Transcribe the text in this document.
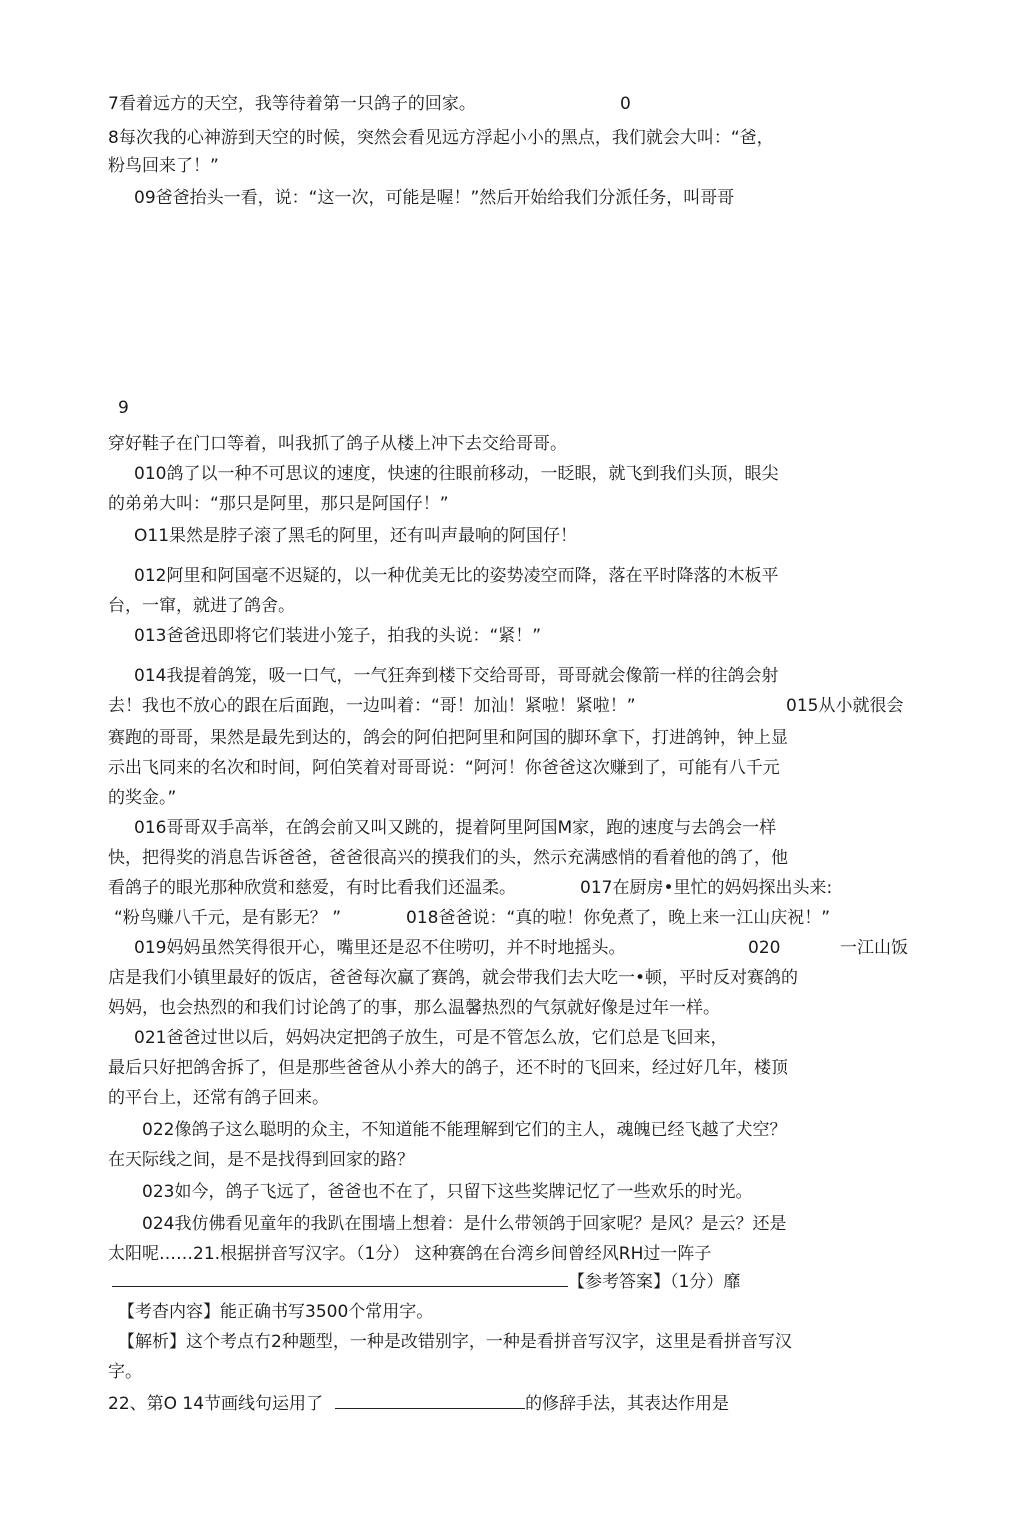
7看着远方的天空，我等待着第一只鸽子的回家。	0
8每次我的心神游到天空的时候，突然会看见远方浮起小小的黑点，我们就会大叫：“爸，
粉鸟回来了！”
09爸爸抬头一看，说：“这一次，可能是喔！”然后开始给我们分派任务，叫哥哥
9
穿好鞋子在门口等着，叫我抓了鸽子从楼上冲下去交给哥哥。
010鸽了以一种不可思议的速度，快速的往眼前移动，一眨眼，就飞到我们头顶，眼尖
的弟弟大叫：“那只是阿里，那只是阿国仔！”
O11果然是脖子滚了黑毛的阿里，还有叫声最响的阿国仔！
012阿里和阿国毫不迟疑的，以一种优美无比的姿势凌空而降，落在平时降落的木板平
台，一窜，就进了鸽舍。
013爸爸迅即将它们装进小笼子，拍我的头说：“紧！”
014我提着鸽笼，吸一口气，一气狂奔到楼下交给哥哥，哥哥就会像箭一样的往鸽会射
去！我也不放心的跟在后面跑，一边叫着：“哥！加汕！紧啦！紧啦！”	015从小就很会
赛跑的哥哥，果然是最先到达的，鸽会的阿伯把阿里和阿国的脚环拿下，打进鸽钟，钟上显
示出飞同来的名次和时间，阿伯笑着对哥哥说：“阿河！你爸爸这次赚到了，可能有八千元
的奖金。”
016哥哥双手高举，在鸽会前又叫又跳的，提着阿里阿国M家，跑的速度与去鸽会一样
快，把得奖的消息告诉爸爸，爸爸很高兴的摸我们的头，然示充满感悄的看着他的鸽了，他
看鸽子的眼光那种欣赏和慈爱，有时比看我们还温柔。	017在厨房•里忙的妈妈探出头来:
“粉鸟赚八千元，是有影无？ ”	018爸爸说：“真的啦！你免煮了，晚上来一江山庆祝！”
019妈妈虽然笑得很开心，嘴里还是忍不住唠叨，并不时地摇头。	020	一江山饭
店是我们小镇里最好的饭店，爸爸每次赢了赛鸽，就会带我们去大吃一•顿，平时反对赛鸽的
妈妈，也会热烈的和我们讨论鸽了的事，那么温馨热烈的气氛就好像是过年一样。
021爸爸过世以后，妈妈决定把鸽子放生，可是不管怎么放，它们总是飞回来，
最后只好把鸽舍拆了，但是那些爸爸从小养大的鸽子，还不时的飞回来，经过好几年，楼顶
的平台上，还常有鸽子回来。
022像鸽子这么聪明的众主，不知道能不能理解到它们的主人，魂魄已经飞越了犬空？
在天际线之间，是不是找得到回家的路？
023如今，鸽子飞远了，爸爸也不在了，只留下这些奖牌记忆了一些欢乐的时光。
024我仿佛看见童年的我趴在围墙上想着：是什么带领鸽于回家呢？是风？是云？还是
太阳呢……21.根据拼音写汉字。（1分） 这种赛鸽在台湾乡间曾经风RH过一阵子
【参考答案】（1分）靡
【考杳内容】能正确书写3500个常用字。
【解析】这个考点冇2种题型，一种是改错别字，一种是看拼音写汉字，这里是看拼音写汉
字。
22、第O 14节画线句运用了	的修辞手法，其表达作用是
